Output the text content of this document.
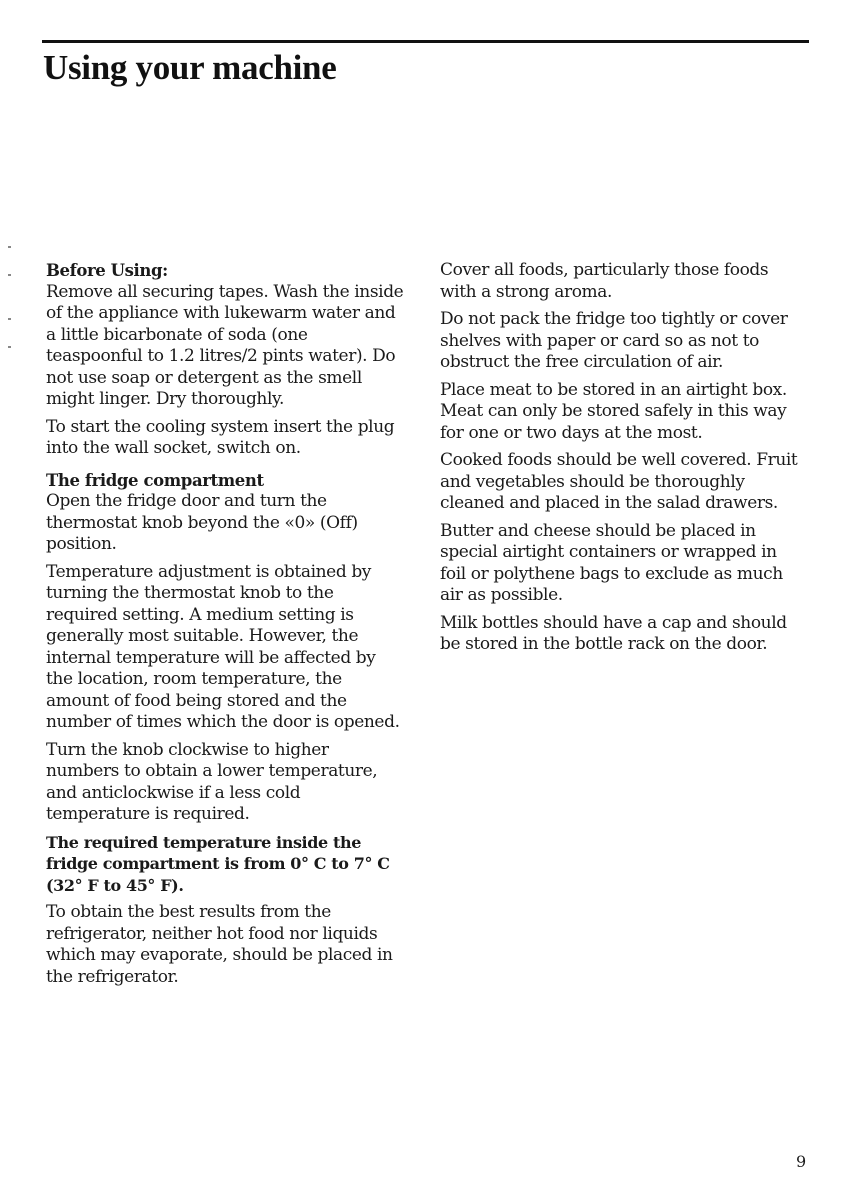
Using your machine

Before Using:
Remove all securing tapes. Wash the inside of the appliance with lukewarm water and a little bicarbonate of soda (one teaspoonful to 1.2 litres/2 pints water). Do not use soap or detergent as the smell might linger. Dry thoroughly.

To start the cooling system insert the plug into the wall socket, switch on.

The fridge compartment
Open the fridge door and turn the thermostat knob beyond the «0» (Off) position.

Temperature adjustment is obtained by turning the thermostat knob to the required setting. A medium setting is generally most suitable. However, the internal temperature will be affected by the location, room temperature, the amount of food being stored and the number of times which the door is opened.

Turn the knob clockwise to higher numbers to obtain a lower temperature, and anticlockwise if a less cold temperature is required.

The required temperature inside the fridge compartment is from 0° C to 7° C (32° F to 45° F).

To obtain the best results from the refrigerator, neither hot food nor liquids which may evaporate, should be placed in the refrigerator.

Cover all foods, particularly those foods with a strong aroma.

Do not pack the fridge too tightly or cover shelves with paper or card so as not to obstruct the free circulation of air.

Place meat to be stored in an airtight box. Meat can only be stored safely in this way for one or two days at the most.

Cooked foods should be well covered. Fruit and vegetables should be thoroughly cleaned and placed in the salad drawers.

Butter and cheese should be placed in special airtight containers or wrapped in foil or polythene bags to exclude as much air as possible.

Milk bottles should have a cap and should be stored in the bottle rack on the door.

9
